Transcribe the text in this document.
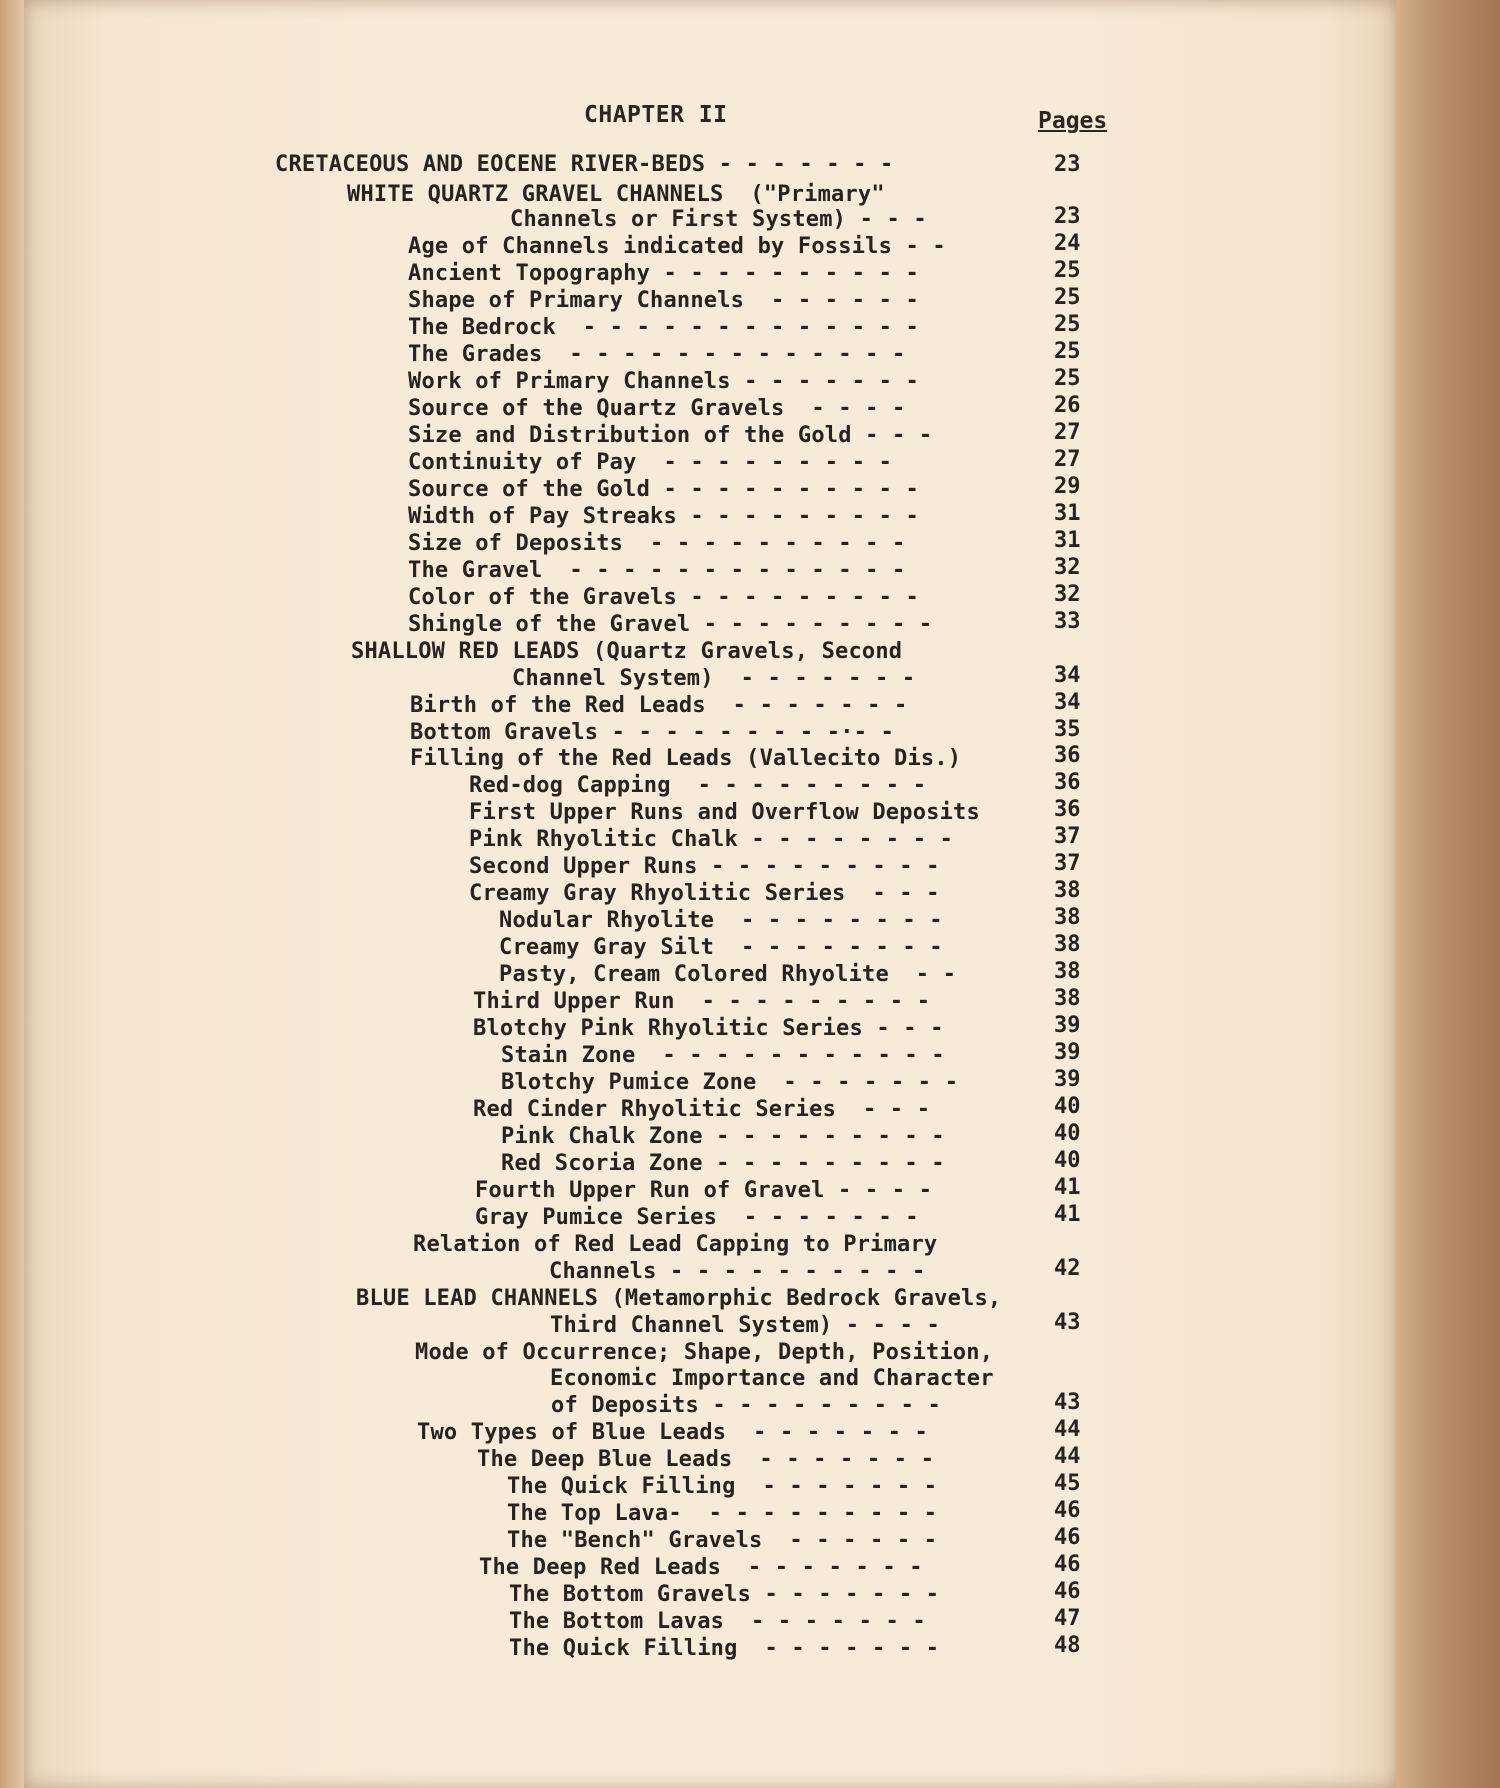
CHAPTER II	Pages
CRETACEOUS AND EOCENE RIVER-BEDS - - - - - - -	23
WHITE QUARTZ GRAVEL CHANNELS  ("Primary"
Channels or First System) - - -	23
Age of Channels indicated by Fossils - -	24
Ancient Topography - - - - - - - - - -	25
Shape of Primary Channels  - - - - - -	25
The Bedrock  - - - - - - - - - - - - -	25
The Grades  - - - - - - - - - - - - -	25
Work of Primary Channels - - - - - - -	25
Source of the Quartz Gravels  - - - -	26
Size and Distribution of the Gold - - -	27
Continuity of Pay  - - - - - - - - -	27
Source of the Gold - - - - - - - - - -	29
Width of Pay Streaks - - - - - - - - -	31
Size of Deposits  - - - - - - - - - -	31
The Gravel  - - - - - - - - - - - - -	32
Color of the Gravels - - - - - - - - -	32
Shingle of the Gravel - - - - - - - - -	33
SHALLOW RED LEADS (Quartz Gravels, Second
Channel System)  - - - - - - -	34
Birth of the Red Leads  - - - - - - -	34
Bottom Gravels - - - - - - - - -·- -	35
Filling of the Red Leads (Vallecito Dis.)	36
Red-dog Capping  - - - - - - - - -	36
First Upper Runs and Overflow Deposits	36
Pink Rhyolitic Chalk - - - - - - - -	37
Second Upper Runs - - - - - - - - -	37
Creamy Gray Rhyolitic Series  - - -	38
Nodular Rhyolite  - - - - - - - -	38
Creamy Gray Silt  - - - - - - - -	38
Pasty, Cream Colored Rhyolite  - -	38
Third Upper Run  - - - - - - - - -	38
Blotchy Pink Rhyolitic Series - - -	39
Stain Zone  - - - - - - - - - - -	39
Blotchy Pumice Zone  - - - - - - -	39
Red Cinder Rhyolitic Series  - - -	40
Pink Chalk Zone - - - - - - - - -	40
Red Scoria Zone - - - - - - - - -	40
Fourth Upper Run of Gravel - - - -	41
Gray Pumice Series  - - - - - - -	41
Relation of Red Lead Capping to Primary
Channels - - - - - - - - - -	42
BLUE LEAD CHANNELS (Metamorphic Bedrock Gravels,
Third Channel System) - - - -	43
Mode of Occurrence; Shape, Depth, Position,
Economic Importance and Character
of Deposits - - - - - - - - -	43
Two Types of Blue Leads  - - - - - - -	44
The Deep Blue Leads  - - - - - - -	44
The Quick Filling  - - - - - - -	45
The Top Lava-  - - - - - - - - -	46
The "Bench" Gravels  - - - - - -	46
The Deep Red Leads  - - - - - - -	46
The Bottom Gravels - - - - - - -	46
The Bottom Lavas  - - - - - - -	47
The Quick Filling  - - - - - - -	48
